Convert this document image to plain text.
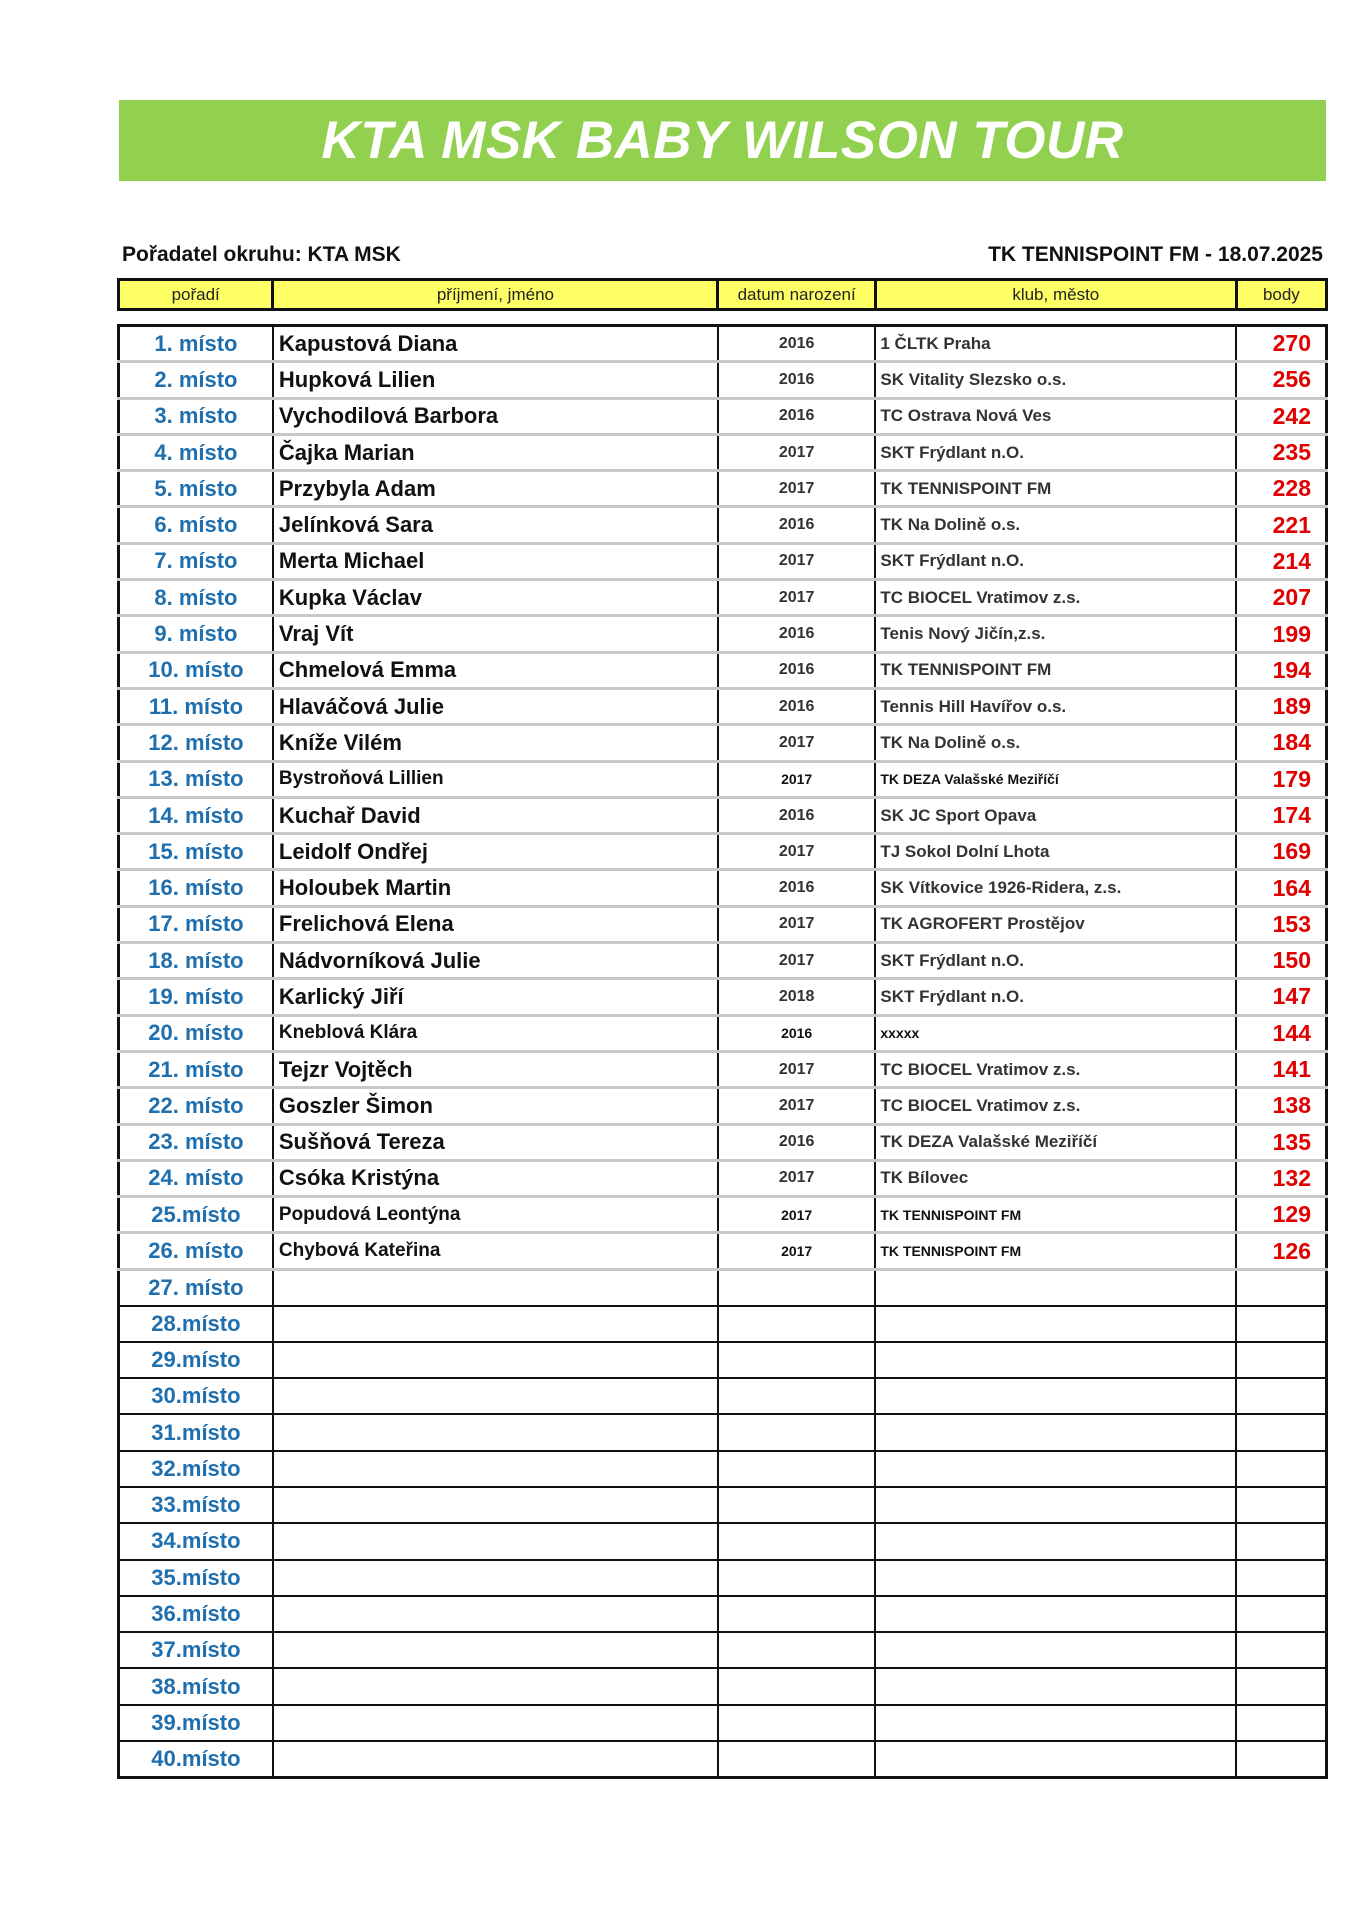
KTA MSK BABY WILSON TOUR
Pořadatel okruhu: KTA MSK	TK TENNISPOINT FM - 18.07.2025
pořadí	příjmení, jméno	datum narození	klub, město	body
1. místo	Kapustová Diana	2016	1 ČLTK Praha	270
2. místo	Hupková Lilien	2016	SK Vitality Slezsko o.s.	256
3. místo	Vychodilová Barbora	2016	TC Ostrava Nová Ves	242
4. místo	Čajka Marian	2017	SKT Frýdlant n.O.	235
5. místo	Przybyla Adam	2017	TK TENNISPOINT FM	228
6. místo	Jelínková Sara	2016	TK Na Dolině o.s.	221
7. místo	Merta Michael	2017	SKT Frýdlant n.O.	214
8. místo	Kupka Václav	2017	TC BIOCEL Vratimov z.s.	207
9. místo	Vraj Vít	2016	Tenis Nový Jičín,z.s.	199
10. místo	Chmelová Emma	2016	TK TENNISPOINT FM	194
11. místo	Hlaváčová Julie	2016	Tennis Hill Havířov o.s.	189
12. místo	Kníže Vilém	2017	TK Na Dolině o.s.	184
13. místo	Bystroňová Lillien	2017	TK DEZA Valašské Meziříčí	179
14. místo	Kuchař David	2016	SK JC Sport Opava	174
15. místo	Leidolf Ondřej	2017	TJ Sokol Dolní Lhota	169
16. místo	Holoubek Martin	2016	SK Vítkovice 1926-Ridera, z.s.	164
17. místo	Frelichová Elena	2017	TK AGROFERT Prostějov	153
18. místo	Nádvorníková Julie	2017	SKT Frýdlant n.O.	150
19. místo	Karlický Jiří	2018	SKT Frýdlant n.O.	147
20. místo	Kneblová Klára	2016	xxxxx	144
21. místo	Tejzr Vojtěch	2017	TC BIOCEL Vratimov z.s.	141
22. místo	Goszler Šimon	2017	TC BIOCEL Vratimov z.s.	138
23. místo	Sušňová Tereza	2016	TK DEZA Valašské Meziříčí	135
24. místo	Csóka Kristýna	2017	TK Bílovec	132
25.místo	Popudová Leontýna	2017	TK TENNISPOINT FM	129
26. místo	Chybová Kateřina	2017	TK TENNISPOINT FM	126
27. místo				
28.místo				
29.místo				
30.místo				
31.místo				
32.místo				
33.místo				
34.místo				
35.místo				
36.místo				
37.místo				
38.místo				
39.místo				
40.místo				
